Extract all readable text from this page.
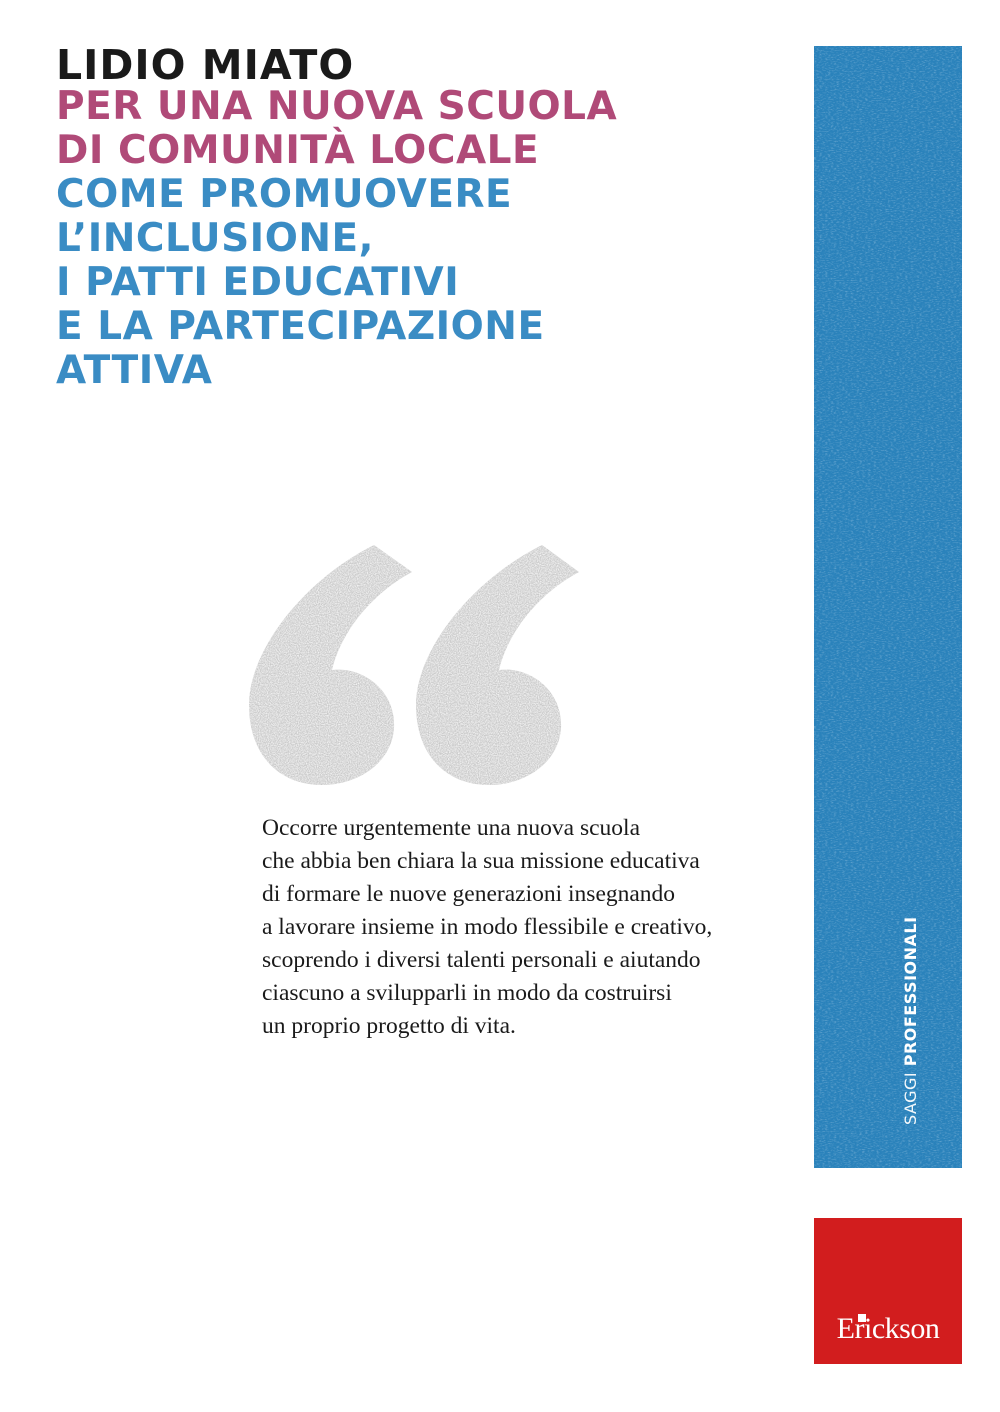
LIDIO MIATO
PER UNA NUOVA SCUOLA
DI COMUNITÀ LOCALE
COME PROMUOVERE
L’INCLUSIONE,
I PATTI EDUCATIVI
E LA PARTECIPAZIONE
ATTIVA
Occorre urgentemente una nuova scuola
che abbia ben chiara la sua missione educativa
di formare le nuove generazioni insegnando
a lavorare insieme in modo flessibile e creativo,
scoprendo i diversi talenti personali e aiutando
ciascuno a svilupparli in modo da costruirsi
un proprio progetto di vita.
SAGGI PROFESSIONALI
Erickson
